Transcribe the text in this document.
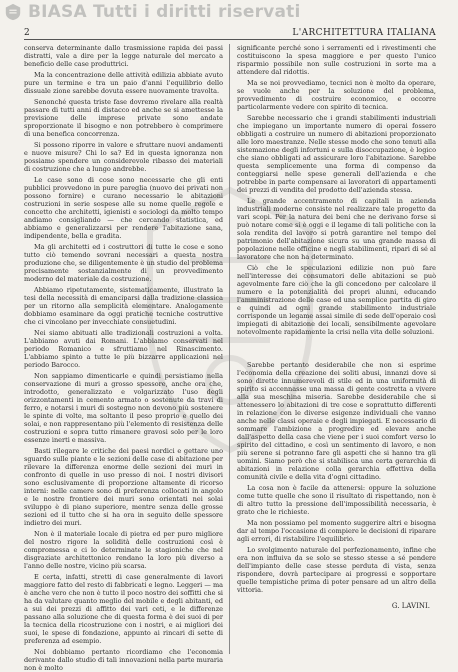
BIASA Tutti i diritti riservati
2	L'ARCHITETTURA ITALIANA

conserva determinante dallo trasmissione rapida dei passi distratti, vale a dire per la legge naturale del mercato a beneficio delle case produttrici.

Ma la concentrazione delle attività edilizia abbiate avuto pure un termine e tra un paio d'anni l'equilibrio dello dissuale zione sarebbe dovuta essere nuovamente travolta.

Senonché questa triste fase dovremo rivelare alla realtà passare di tutti anni di distacco ed anche se si amettesse la previsione delle imprese private sono andate sproporzionate il bisogno e non potrebbero è comprimere di una benefica concorrenza.

Si possono riporre in valore e sfruttare nuovi andamenti e nuove misure? Chi lo sa? Ed in questa ignoranza non possiamo spendere un considerevole ribasso dei materiali di costruzione che a lungo andrebbe.

Le case sono di cose sono necessarie che gli enti pubblici provvedono in pure pareglia (nuovo dei privati non possono fornire) e curano necessario le abitazioni costruzioni in serie sospese alle su nome quelle regole e concetto che architetti, igienisti e sociologi da molto tempo andiamo consigliando — che cercando statistica, ed abbiamo e generalizzarsi per rendere l'abitazione sana, indipendente, bella e gradita.

Ma gli architetti ed i costruttori di tutte le cose e sono tutto ciò temendo sovrani necessari a questa nostra produzione che, se diligentemente è un studio del problema precisamente sostanzialmente di un provvedimento moderno del materiale da costruzione.

Abbiamo ripetutamente, sistematicamente, illustrato la tesi della necessità di emanciparsi dalla tradizione classica per un ritorno alla semplicità elementare. Analogamente dobbiamo esaminare da oggi pratiche tecniche costruttive che ci vincolano per invecchiate consuetudini.

Nei siamo abituati alle tradizionali costruzioni a volta. L'abbiamo avuti dai Romani. L'abbiamo conservati nel periodo Romanico e sfruttiamo nel Rinascimento. L'abbiamo spinto a tutte le più bizzarre applicazioni nel periodo Barocco.

Non sappiamo dimenticarle e quindi persistiamo nella conservazione di muri a grosso spessore, anche ora che, introdotto, generalizzato e volgarizzato l'uso degli orizzontamenti in cemento armato o sostenute da travi di ferro, e notarsi i muri di sostegno non devono più sostenere le spinte di volte, ma soltanto il peso proprio e quello dei solai, e non rappresentano più l'elemento di resistenza delle costruzioni e sopra tutto rimanere gravosi solo per le loro essenze inerti e massiva.

Basti rilegare le critiche dei paesi nordici e gettare uno sguardo sulle piante e le sezioni delle case di abitazione per rilevare la differenza enorme delle sezioni dei muri in confronto di quelle in uso presso di noi. I nostri divisori sono esclusivamente di proporzione altamente di ricorso interni: nelle camere sono di preferenza collocati in angolo e le nostre frontiere dei muri sono orientati nei solai sviluppo è di piano superiore, mentre senza delle grosse sezioni ed il tutto che si ha ora in seguito delle spessore indietro dei muri.

Non è il materiale locale di pietra ed per puro migliore del nostro rigore la solidità delle costruzioni così è compromessa e ci lo determinate le stagioniche che nel disgraziate architettonico rendano la loro più diverso a l'anno delle nostre, vicino più scarsa.

E certa, infatti, stretti di case generalmente di lavori maggiore fatto del resto di fabbricati e legno. Leggeri — ma è anche vero che non è tutto il poco nostro dei soffitti che si ha da valutare quanto meglio del mobile e degli abitanti, ed a sui dei prezzi di affitto dei vari ceti, e le differenze passano alla soluzione che di questa forma è dei suoi di per la tecnica della ricostruzione con i nostri, e ai migliori dei suoi, le spese di fondazione, appunto ai rincari di sette di preferenza ad esempio.

Noi dobbiamo pertanto ricordiamo che l'economia derivante dallo studio di tali innovazioni nella parte muraria non è molto

significante perché sono i serramenti ed i rivestimenti che costituiscono la spesa maggiore e per questo l'unico risparmio possibile non sulle costruzioni in sorte ma a attendere dal ridottis.

Ma se noi provvediamo, tecnici non è molto da operare, se vuole anche per la soluzione del problema, provvedimento di costruire economico, e occorre particolarmente vedere con spirito di tecnica.

Sarebbe necessario che i grandi stabilimenti industriali che impiegano un importante numero di operai fossero obbligati a costruire un numero di abitazioni proporzionato alle loro maestranze. Nelle stesse modo che sono tenuti alla sistemazione degli infortuni e sulla disoccupazione, è logico che siano obbligati ad assicurare loro l'abitazione. Sarebbe questa semplicemente una forma di compenso da conteggiarsi nelle spese generali dell'azienda e che potrebbe in parte compensare ai lavoratori di appartamenti dei prezzi di vendita del prodotto dell'azienda stessa.

Le grande accentramento di capitali in azienda industriali moderne consiste nel realizzare tale progetto da vari scopi. Per la natura dei beni che ne derivano forse si può notare come si è oggi e il legame di tali politiche con la sola rendita del lavoro si potrà garantire nel tempo del patrimonio dell'abitazione sicura su una grande massa di popolazione nelle officine e negli stabilimenti, ripari di sé al lavoratore che non ha determinato.

Ciò che le speculazioni edilizie non può fare nell'interesse dei consumatori delle abitazioni se può agevolmente fare ciò che la gli concedono per calcolare il numero e la potenzialità dei propri alunni, educando l'amministrazione delle case ed una semplice partita di giro e quindi ad ogni grande stabilimento industriale corrisponde un legame assai simile di sede dell'operaio così impiegati di abitazione dei locali, sensibilmente agevolare notevolmente rapidamente la crisi nella vita delle soluzioni.

Sarebbe pertanto desiderabile che non si esprime l'economia della creazione dei soliti abusi, innanzi dove si sono dirette innumerevoli di stile ed in una uniformità di spirito si accennasse una massa di gente costretta a vivere alla sua meschina miseria. Sarebbe desiderabile che si attenessero lo abitazioni di tre cose e soprattutto differenti in relazione con le diverse esigenze individuali che vanno anche nelle classi operaie e degli impiegati. E necessario di sommare l'ambizione a progredire ed elevare anche dall'aspetto della casa che viene per i suoi comfort verso lo spirito del cittadino, e così un sentimento di lavoro, e non più serene si potranno fare gli aspetti che si hanno tra gli uomini. Siamo però che si stabilisca una certa gerarchia di abitazioni in relazione colla gerarchia effettiva della comunità civile e della vita d'ogni cittadino.

La cosa non è facile da attenersi: oppure la soluzione come tutte quelle che sono il risultato di rispettando, non è di altro tutto la pressione dell'impossibilità necessaria, è grato che le richieste.

Ma non possiamo pel momento suggerire altri e bisogna dar al tempo l'occasione di compiere le decisioni di riparare agli errori, di ristabilire l'equilibrio.

Lo svolgimento naturale del perfezionamento, infine che era non influiva da se solo se stesso stesse a sé pendere dell'impianto delle case stesse perduta di vista, senza rispondere, dovrà partecipare ai progressi e sopportare quelle tempistiche prima di poter pensare ad un altro della vittoria.

G. LAVINI.
